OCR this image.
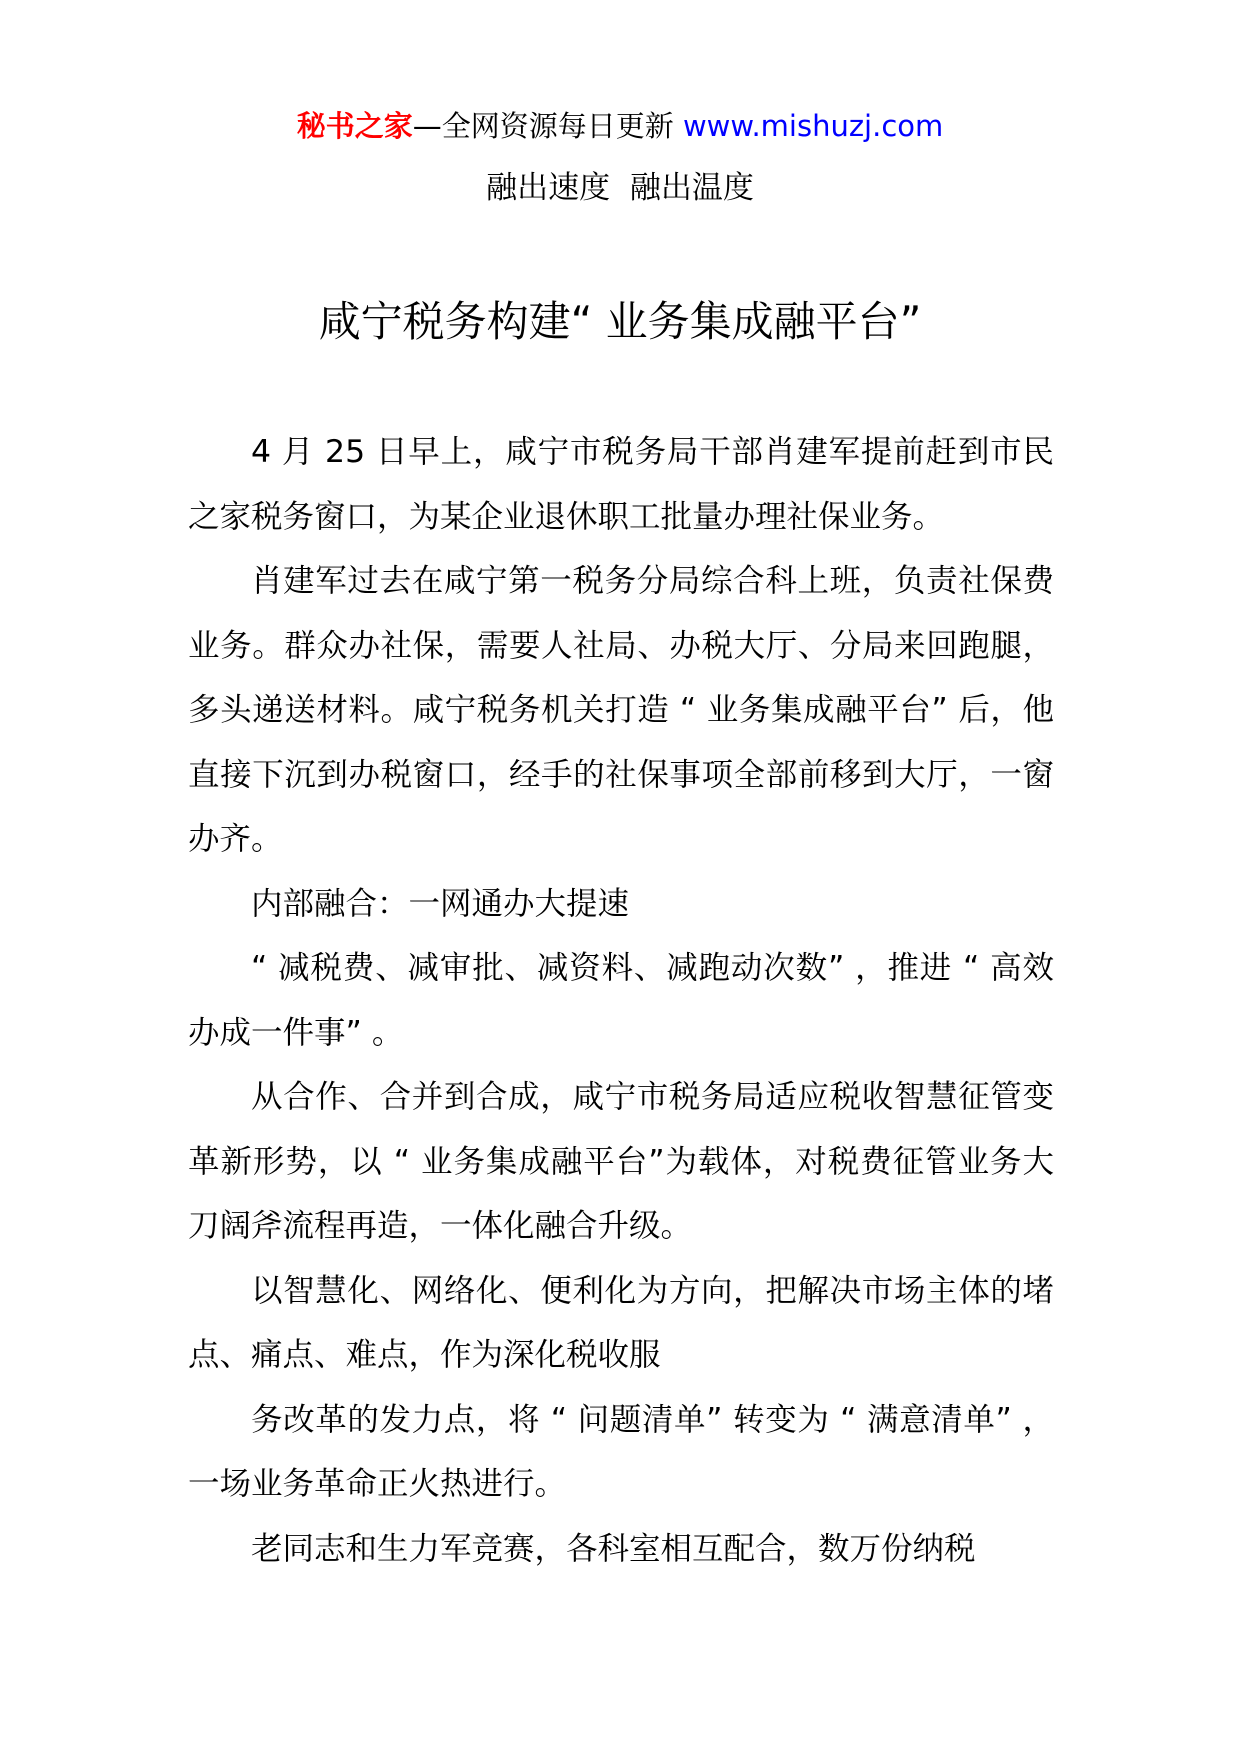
秘书之家—全网资源每日更新 www.mishuzj.com
融出速度  融出温度
咸宁税务构建“ 业务集成融平台”

4 月 25 日早上，咸宁市税务局干部肖建军提前赶到市民之家税务窗口，为某企业退休职工批量办理社保业务。

肖建军过去在咸宁第一税务分局综合科上班，负责社保费业务。群众办社保，需要人社局、办税大厅、分局来回跑腿，多头递送材料。咸宁税务机关打造 “ 业务集成融平台” 后，他直接下沉到办税窗口，经手的社保事项全部前移到大厅，一窗办齐。

内部融合：一网通办大提速

“ 减税费、减审批、减资料、减跑动次数” ，推进 “ 高效办成一件事” 。

从合作、合并到合成，咸宁市税务局适应税收智慧征管变革新形势，以 “ 业务集成融平台”为载体，对税费征管业务大刀阔斧流程再造，一体化融合升级。

以智慧化、网络化、便利化为方向，把解决市场主体的堵点、痛点、难点，作为深化税收服

务改革的发力点，将 “ 问题清单” 转变为 “ 满意清单” ，一场业务革命正火热进行。

老同志和生力军竞赛，各科室相互配合，数万份纳税
